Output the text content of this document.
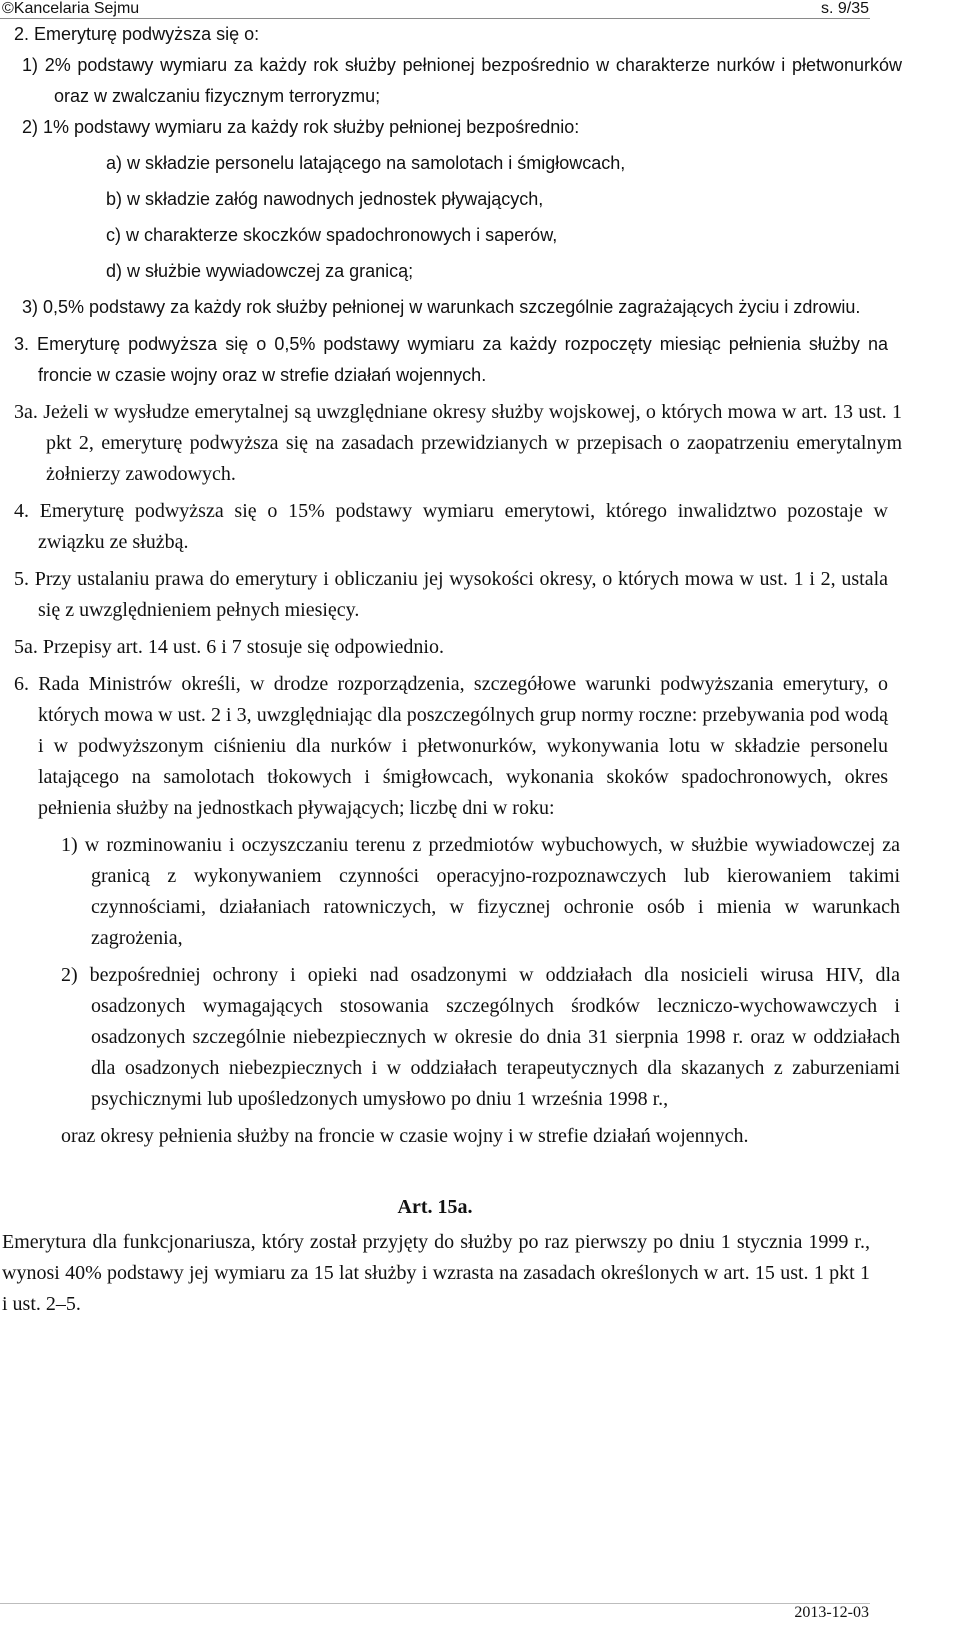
©Kancelaria Sejmu	s. 9/35
2. Emeryturę podwyższa się o:
1) 2% podstawy wymiaru za każdy rok służby pełnionej bezpośrednio w charakterze nurków i płetwonurków oraz w zwalczaniu fizycznym terroryzmu;
2) 1% podstawy wymiaru za każdy rok służby pełnionej bezpośrednio:
a) w składzie personelu latającego na samolotach i śmigłowcach,
b) w składzie załóg nawodnych jednostek pływających,
c) w charakterze skoczków spadochronowych i saperów,
d) w służbie wywiadowczej za granicą;
3) 0,5% podstawy za każdy rok służby pełnionej w warunkach szczególnie zagrażających życiu i zdrowiu.
3. Emeryturę podwyższa się o 0,5% podstawy wymiaru za każdy rozpoczęty miesiąc pełnienia służby na froncie w czasie wojny oraz w strefie działań wojennych.
3a. Jeżeli w wysłudze emerytalnej są uwzględniane okresy służby wojskowej, o których mowa w art. 13 ust. 1 pkt 2, emeryturę podwyższa się na zasadach przewidzianych w przepisach o zaopatrzeniu emerytalnym żołnierzy zawodowych.
4. Emeryturę podwyższa się o 15% podstawy wymiaru emerytowi, którego inwalidztwo pozostaje w związku ze służbą.
5. Przy ustalaniu prawa do emerytury i obliczaniu jej wysokości okresy, o których mowa w ust. 1 i 2, ustala się z uwzględnieniem pełnych miesięcy.
5a. Przepisy art. 14 ust. 6 i 7 stosuje się odpowiednio.
6. Rada Ministrów określi, w drodze rozporządzenia, szczegółowe warunki podwyższania emerytury, o których mowa w ust. 2 i 3, uwzględniając dla poszczególnych grup normy roczne: przebywania pod wodą i w podwyższonym ciśnieniu dla nurków i płetwonurków, wykonywania lotu w składzie personelu latającego na samolotach tłokowych i śmigłowcach, wykonania skoków spadochronowych, okres pełnienia służby na jednostkach pływających; liczbę dni w roku:
1) w rozminowaniu i oczyszczaniu terenu z przedmiotów wybuchowych, w służbie wywiadowczej za granicą z wykonywaniem czynności operacyjno-rozpoznawczych lub kierowaniem takimi czynnościami, działaniach ratowniczych, w fizycznej ochronie osób i mienia w warunkach zagrożenia,
2) bezpośredniej ochrony i opieki nad osadzonymi w oddziałach dla nosicieli wirusa HIV, dla osadzonych wymagających stosowania szczególnych środków leczniczo-wychowawczych i osadzonych szczególnie niebezpiecznych w okresie do dnia 31 sierpnia 1998 r. oraz w oddziałach dla osadzonych niebezpiecznych i w oddziałach terapeutycznych dla skazanych z zaburzeniami psychicznymi lub upośledzonych umysłowo po dniu 1 września 1998 r.,
oraz okresy pełnienia służby na froncie w czasie wojny i w strefie działań wojennych.
Art. 15a.
Emerytura dla funkcjonariusza, który został przyjęty do służby po raz pierwszy po dniu 1 stycznia 1999 r., wynosi 40% podstawy jej wymiaru za 15 lat służby i wzrasta na zasadach określonych w art. 15 ust. 1 pkt 1 i ust. 2–5.
2013-12-03
